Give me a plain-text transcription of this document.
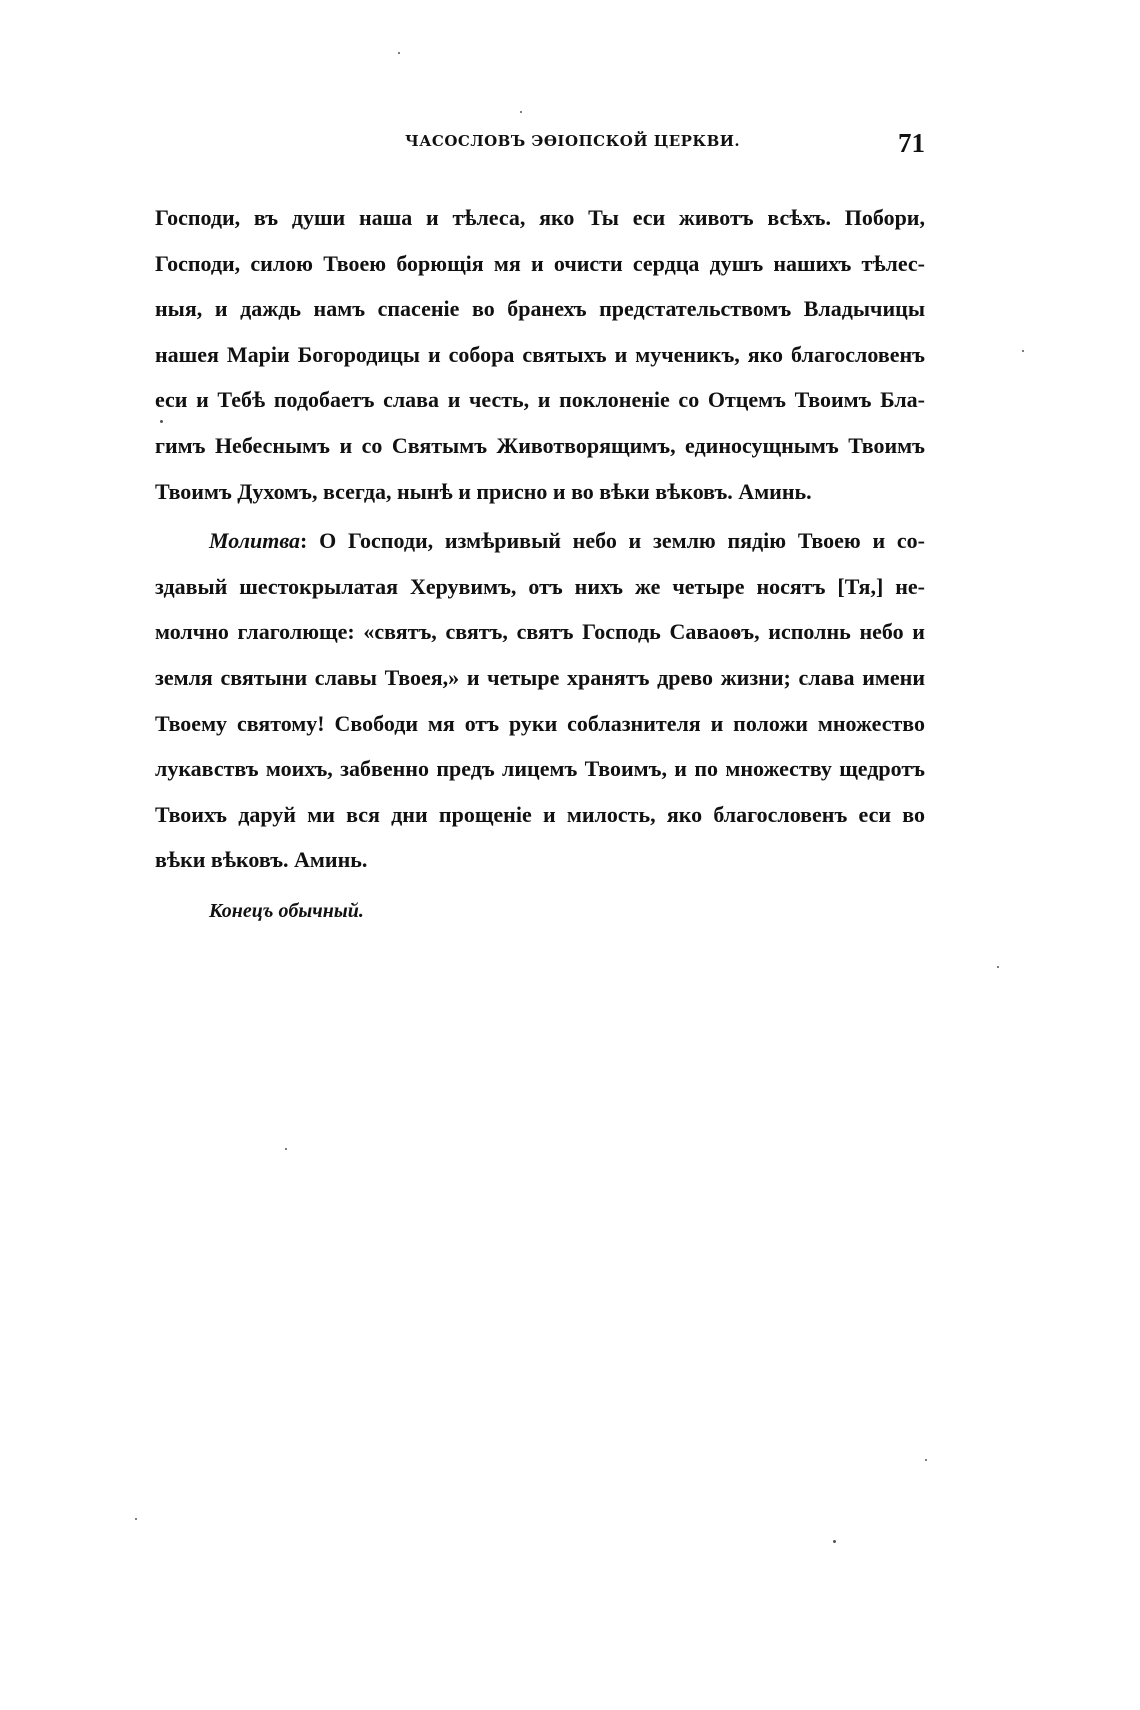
ЧАСОСЛОВЪ ЭѲІОПСКОЙ ЦЕРКВИ.	71
Господи, въ души наша и тѣлеса, яко Ты еси животъ всѣхъ. Побори,
Господи, силою Твоею борющія мя и очисти сердца душъ нашихъ тѣлес-
ныя, и даждь намъ спасеніе во бранехъ предстательствомъ Владычицы
нашея Маріи Богородицы и собора святыхъ и мученикъ, яко благословенъ
еси и Тебѣ подобаетъ слава и честь, и поклоненіе со Отцемъ Твоимъ Бла-
гимъ Небеснымъ и со Святымъ Животворящимъ, единосущнымъ Твоимъ
Твоимъ Духомъ, всегда, нынѣ и присно и во вѣки вѣковъ. Аминь.
Молитва: О Господи, измѣривый небо и землю пядію Твоею и со-
здавый шестокрылатая Херувимъ, отъ нихъ же четыре носятъ [Тя,] не-
молчно глаголюще: «святъ, святъ, святъ Господь Саваоѳъ, исполнь небо и
земля святыни славы Твоея,» и четыре хранятъ древо жизни; слава имени
Твоему святому! Свободи мя отъ руки соблазнителя и положи множество
лукавствъ моихъ, забвенно предъ лицемъ Твоимъ, и по множеству щедротъ
Твоихъ даруй ми вся дни прощеніе и милость, яко благословенъ еси во
вѣки вѣковъ. Аминь.
Конецъ обычный.
